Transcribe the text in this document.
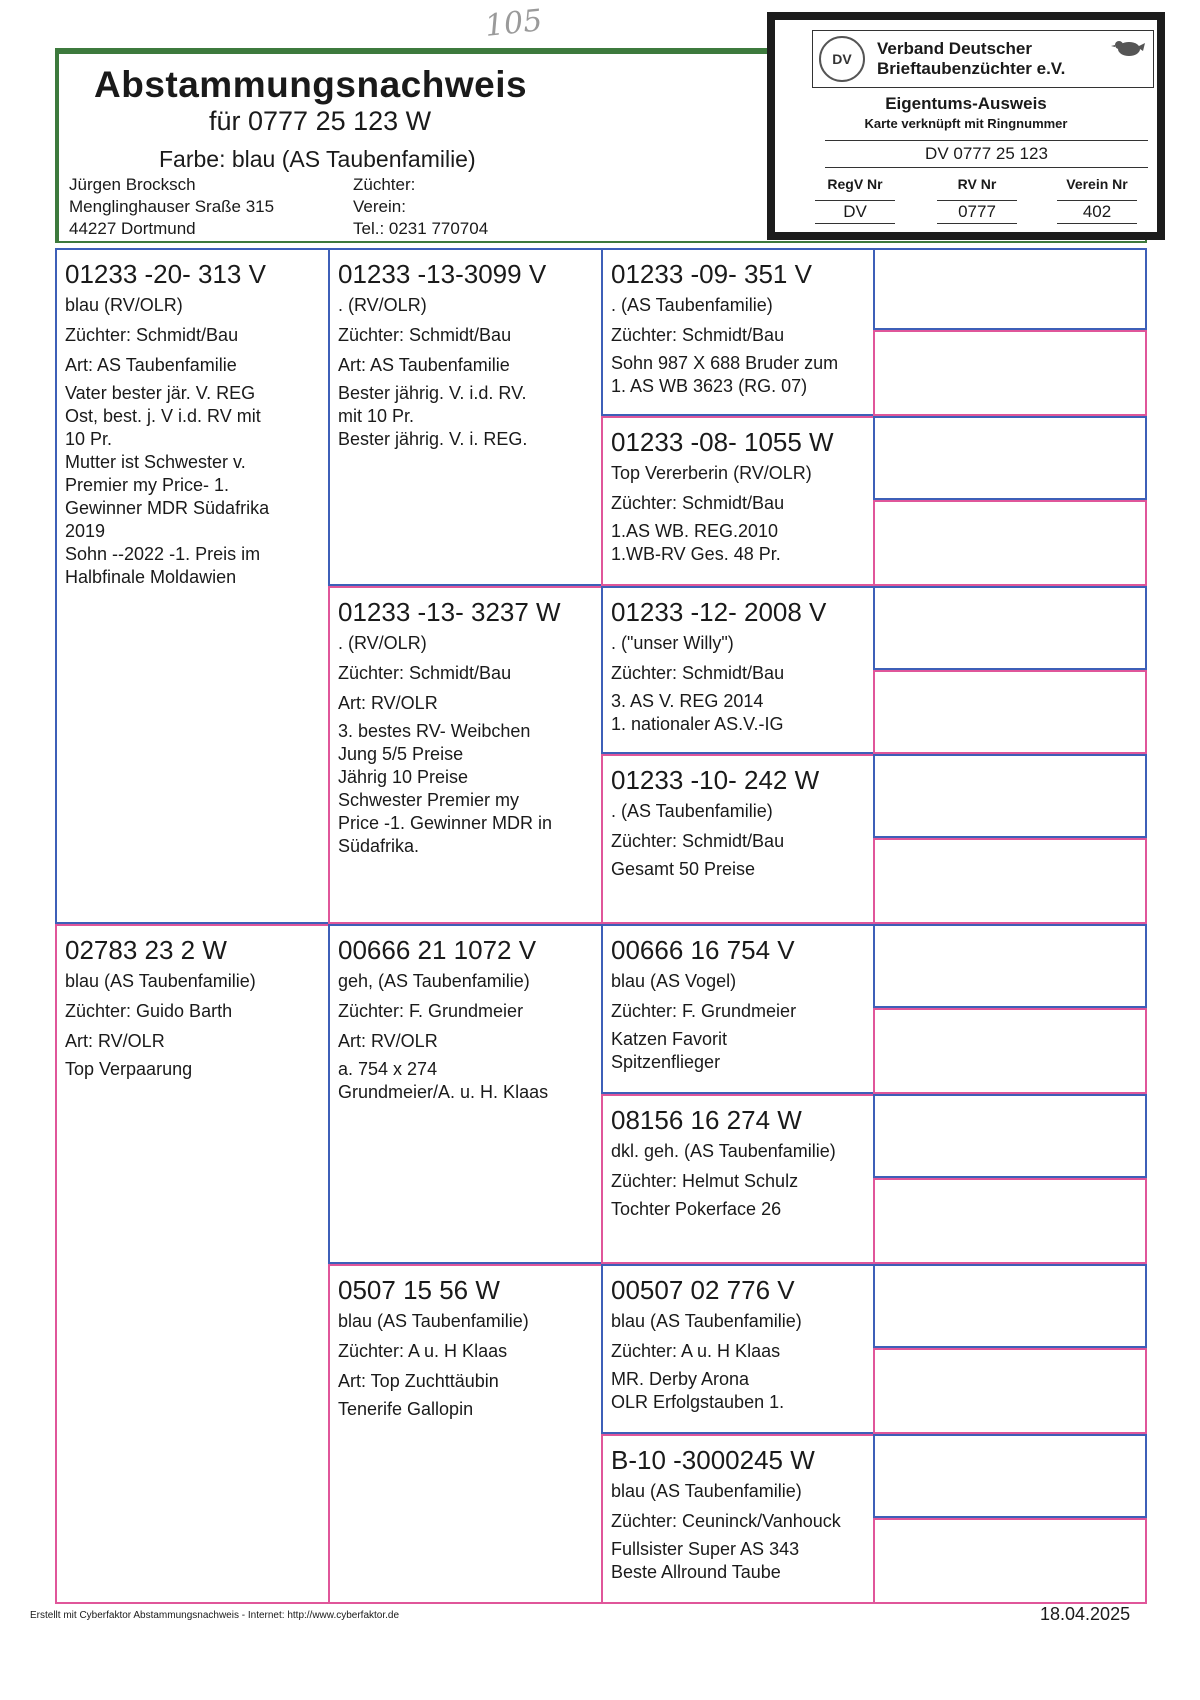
105
Abstammungsnachweis
für 0777 25 123 W
Farbe: blau (AS Taubenfamilie)
Jürgen Brocksch
Menglinghauser Sraße 315
44227 Dortmund
Züchter:
Verein:
Tel.: 0231 770704
DV
Verband Deutscher
Brieftaubenzüchter e.V.
Eigentums-Ausweis
Karte verknüpft mit Ringnummer
DV 0777 25 123
RegV Nr	RV Nr	Verein Nr
DV	0777	402
01233 -20- 313 V
blau (RV/OLR)
Züchter: Schmidt/Bau
Art: AS Taubenfamilie
Vater bester jär. V. REG
Ost, best. j. V i.d. RV mit
10 Pr.
Mutter ist Schwester v.
Premier my Price- 1.
Gewinner MDR Südafrika
2019
Sohn --2022 -1. Preis im
Halbfinale Moldawien
02783 23 2 W
blau (AS Taubenfamilie)
Züchter: Guido Barth
Art: RV/OLR
Top Verpaarung
01233 -13-3099 V
. (RV/OLR)
Züchter: Schmidt/Bau
Art: AS Taubenfamilie
Bester jährig. V. i.d. RV.
mit 10 Pr.
Bester jährig. V. i. REG.
01233 -13- 3237 W
. (RV/OLR)
Züchter: Schmidt/Bau
Art: RV/OLR
3. bestes RV- Weibchen
Jung 5/5 Preise
Jährig 10 Preise
Schwester Premier my
Price -1. Gewinner MDR in
Südafrika.
00666 21 1072 V
geh, (AS Taubenfamilie)
Züchter: F. Grundmeier
Art: RV/OLR
a. 754 x 274
Grundmeier/A. u. H. Klaas
0507 15 56 W
blau (AS Taubenfamilie)
Züchter: A u. H Klaas
Art: Top Zuchttäubin
Tenerife Gallopin
01233 -09- 351 V
. (AS Taubenfamilie)
Züchter: Schmidt/Bau
Sohn 987 X 688 Bruder zum
1. AS WB 3623 (RG. 07)
01233 -08- 1055 W
Top Vererberin (RV/OLR)
Züchter: Schmidt/Bau
1.AS WB. REG.2010
1.WB-RV Ges. 48 Pr.
01233 -12- 2008 V
. ("unser Willy")
Züchter: Schmidt/Bau
3. AS V. REG 2014
1. nationaler AS.V.-IG
01233 -10- 242 W
. (AS Taubenfamilie)
Züchter: Schmidt/Bau
Gesamt 50 Preise
00666 16 754 V
blau (AS Vogel)
Züchter: F. Grundmeier
Katzen Favorit
Spitzenflieger
08156 16 274 W
dkl. geh. (AS Taubenfamilie)
Züchter: Helmut Schulz
Tochter Pokerface 26
00507 02 776 V
blau (AS Taubenfamilie)
Züchter: A u. H Klaas
MR. Derby Arona
OLR Erfolgstauben 1.
B-10 -3000245 W
blau (AS Taubenfamilie)
Züchter: Ceuninck/Vanhouck
Fullsister Super AS 343
Beste Allround Taube
Erstellt mit Cyberfaktor Abstammungsnachweis - Internet: http://www.cyberfaktor.de	18.04.2025
